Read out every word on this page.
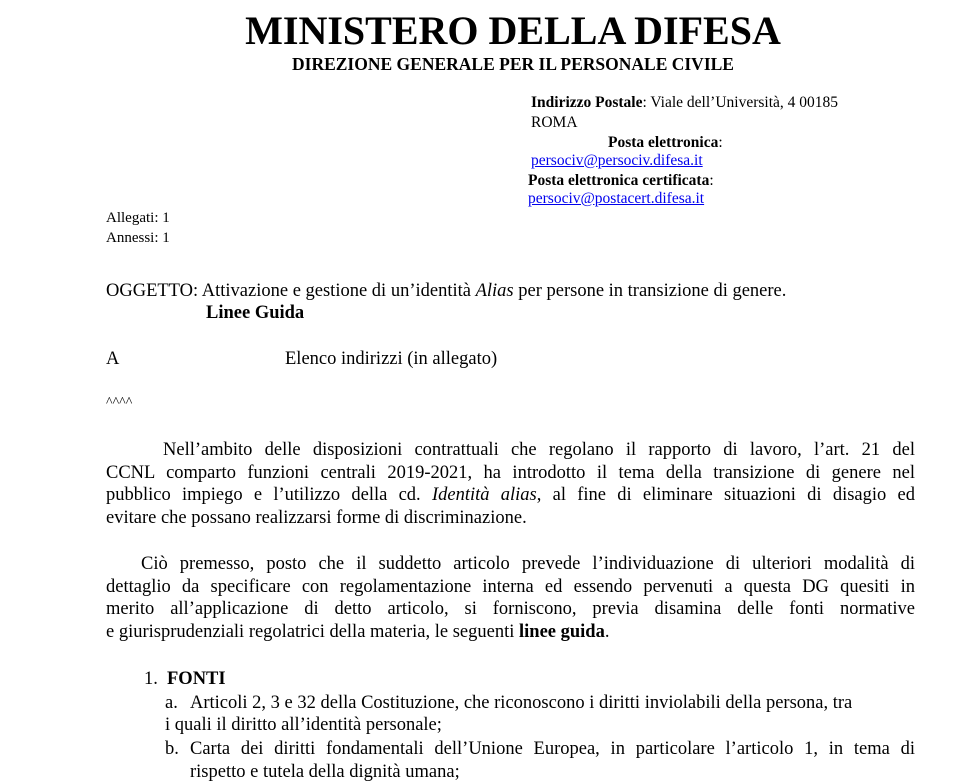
MINISTERO DELLA DIFESA
DIREZIONE GENERALE PER IL PERSONALE CIVILE
Indirizzo Postale: Viale dell’Università, 4 00185
ROMA
Posta elettronica:
persociv@persociv.difesa.it
Posta elettronica certificata:
persociv@postacert.difesa.it
Allegati: 1
Annessi: 1
OGGETTO: Attivazione e gestione di un’identità Alias per persone in transizione di genere.
Linee Guida
A	Elenco indirizzi (in allegato)
^^^^
Nell’ambito delle disposizioni contrattuali che regolano il rapporto di lavoro, l’art. 21 del
CCNL comparto funzioni centrali 2019-2021, ha introdotto il tema della transizione di genere nel
pubblico impiego e l’utilizzo della cd. Identità alias, al fine di eliminare situazioni di disagio ed
evitare che possano realizzarsi forme di discriminazione.
Ciò premesso, posto che il suddetto articolo prevede l’individuazione di ulteriori modalità di
dettaglio da specificare con regolamentazione interna ed essendo pervenuti a questa DG quesiti in
merito all’applicazione di detto articolo, si forniscono, previa disamina delle fonti normative
e giurisprudenziali regolatrici della materia, le seguenti linee guida.
1. FONTI
a. Articoli 2, 3 e 32 della Costituzione, che riconoscono i diritti inviolabili della persona, tra
i quali il diritto all’identità personale;
b. Carta dei diritti fondamentali dell’Unione Europea, in particolare l’articolo 1, in tema di
rispetto e tutela della dignità umana;
